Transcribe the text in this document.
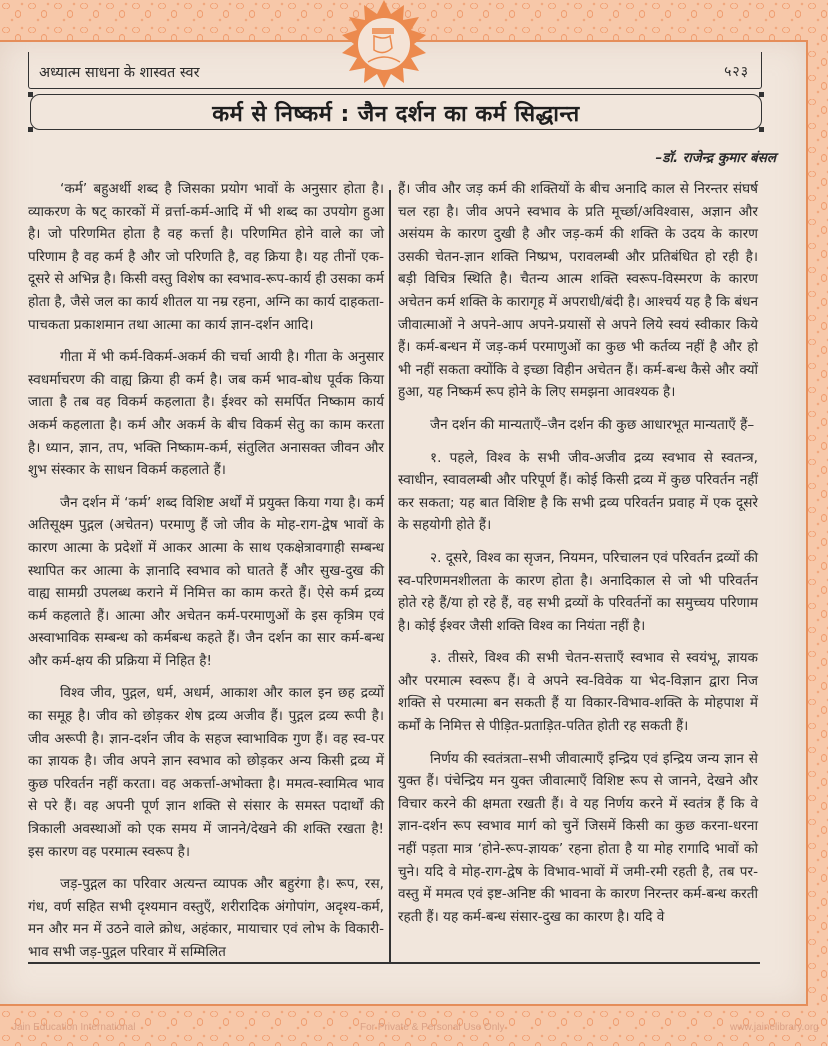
अध्यात्म साधना के शास्वत स्वर	५२३
कर्म से निष्कर्म : जैन दर्शन का कर्म सिद्धान्त
–डॉ. राजेन्द्र कुमार बंसल

‘कर्म’ बहुअर्थी शब्द है जिसका प्रयोग भावों के अनुसार होता है। व्याकरण के षट् कारकों में व्रर्त्ता-कर्म-आदि में भी शब्द का उपयोग हुआ है। जो परिणमित होता है वह कर्त्ता है। परिणमित होने वाले का जो परिणाम है वह कर्म है और जो परिणति है, वह क्रिया है। यह तीनों एक-दूसरे से अभिन्न है। किसी वस्तु विशेष का स्वभाव-रूप-कार्य ही उसका कर्म होता है, जैसे जल का कार्य शीतल या नम्र रहना, अग्नि का कार्य दाहकता-पाचकता प्रकाशमान तथा आत्मा का कार्य ज्ञान-दर्शन आदि।

गीता में भी कर्म-विकर्म-अकर्म की चर्चा आयी है। गीता के अनुसार स्वधर्माचरण की वाह्य क्रिया ही कर्म है। जब कर्म भाव-बोध पूर्वक किया जाता है तब वह विकर्म कहलाता है। ईश्वर को समर्पित निष्काम कार्य अकर्म कहलाता है। कर्म और अकर्म के बीच विकर्म सेतु का काम करता है। ध्यान, ज्ञान, तप, भक्ति निष्काम-कर्म, संतुलित अनासक्त जीवन और शुभ संस्कार के साधन विकर्म कहलाते हैं।

जैन दर्शन में ‘कर्म’ शब्द विशिष्ट अर्थों में प्रयुक्त किया गया है। कर्म अतिसूक्ष्म पुद्गल (अचेतन) परमाणु हैं जो जीव के मोह-राग-द्वेष भावों के कारण आत्मा के प्रदेशों में आकर आत्मा के साथ एकक्षेत्रावगाही सम्बन्ध स्थापित कर आत्मा के ज्ञानादि स्वभाव को घातते हैं और सुख-दुख की वाह्य सामग्री उपलब्ध कराने में निमित्त का काम करते हैं। ऐसे कर्म द्रव्य कर्म कहलाते हैं। आत्मा और अचेतन कर्म-परमाणुओं के इस कृत्रिम एवं अस्वाभाविक सम्बन्ध को कर्मबन्ध कहते हैं। जैन दर्शन का सार कर्म-बन्ध और कर्म-क्षय की प्रक्रिया में निहित है!

विश्व जीव, पुद्गल, धर्म, अधर्म, आकाश और काल इन छह द्रव्यों का समूह है। जीव को छोड़कर शेष द्रव्य अजीव हैं। पुद्गल द्रव्य रूपी है। जीव अरूपी है। ज्ञान-दर्शन जीव के सहज स्वाभाविक गुण हैं। वह स्व-पर का ज्ञायक है। जीव अपने ज्ञान स्वभाव को छोड़कर अन्य किसी द्रव्य में कुछ परिवर्तन नहीं करता। वह अकर्त्ता-अभोक्ता है। ममत्व-स्वामित्व भाव से परे हैं। वह अपनी पूर्ण ज्ञान शक्ति से संसार के समस्त पदार्थों की त्रिकाली अवस्थाओं को एक समय में जानने/देखने की शक्ति रखता है! इस कारण वह परमात्म स्वरूप है।

जड़-पुद्गल का परिवार अत्यन्त व्यापक और बहुरंगा है। रूप, रस, गंध, वर्ण सहित सभी दृश्यमान वस्तुएँ, शरीरादिक अंगोपांग, अदृश्य-कर्म, मन और मन में उठने वाले क्रोध, अहंकार, मायाचार एवं लोभ के विकारी-भाव सभी जड़-पुद्गल परिवार में सम्मिलित

हैं। जीव और जड़ कर्म की शक्तियों के बीच अनादि काल से निरन्तर संघर्ष चल रहा है। जीव अपने स्वभाव के प्रति मूर्च्छा/अविश्वास, अज्ञान और असंयम के कारण दुखी है और जड़-कर्म की शक्ति के उदय के कारण उसकी चेतन-ज्ञान शक्ति निष्प्रभ, परावलम्बी और प्रतिबंधित हो रही है। बड़ी विचित्र स्थिति है। चैतन्य आत्म शक्ति स्वरूप-विस्मरण के कारण अचेतन कर्म शक्ति के कारागृह में अपराधी/बंदी है। आश्चर्य यह है कि बंधन जीवात्माओं ने अपने-आप अपने-प्रयासों से अपने लिये स्वयं स्वीकार किये हैं। कर्म-बन्धन में जड़-कर्म परमाणुओं का कुछ भी कर्तव्य नहीं है और हो भी नहीं सकता क्योंकि वे इच्छा विहीन अचेतन हैं। कर्म-बन्ध कैसे और क्यों हुआ, यह निष्कर्म रूप होने के लिए समझना आवश्यक है।

जैन दर्शन की मान्यताएँ–जैन दर्शन की कुछ आधारभूत मान्यताएँ हैं–

१. पहले, विश्व के सभी जीव-अजीव द्रव्य स्वभाव से स्वतन्त्र, स्वाधीन, स्वावलम्बी और परिपूर्ण हैं। कोई किसी द्रव्य में कुछ परिवर्तन नहीं कर सकता; यह बात विशिष्ट है कि सभी द्रव्य परिवर्तन प्रवाह में एक दूसरे के सहयोगी होते हैं।

२. दूसरे, विश्व का सृजन, नियमन, परिचालन एवं परिवर्तन द्रव्यों की स्व-परिणमनशीलता के कारण होता है। अनादिकाल से जो भी परिवर्तन होते रहे हैं/या हो रहे हैं, वह सभी द्रव्यों के परिवर्तनों का समुच्चय परिणाम है। कोई ईश्वर जैसी शक्ति विश्व का नियंता नहीं है।

३. तीसरे, विश्व की सभी चेतन-सत्ताएँ स्वभाव से स्वयंभू, ज्ञायक और परमात्म स्वरूप हैं। वे अपने स्व-विवेक या भेद-विज्ञान द्वारा निज शक्ति से परमात्मा बन सकती हैं या विकार-विभाव-शक्ति के मोहपाश में कर्मों के निमित्त से पीड़ित-प्रताड़ित-पतित होती रह सकती हैं।

निर्णय की स्वतंत्रता–सभी जीवात्माएँ इन्द्रिय एवं इन्द्रिय जन्य ज्ञान से युक्त हैं। पंचेन्द्रिय मन युक्त जीवात्माएँ विशिष्ट रूप से जानने, देखने और विचार करने की क्षमता रखती हैं। वे यह निर्णय करने में स्वतंत्र हैं कि वे ज्ञान-दर्शन रूप स्वभाव मार्ग को चुनें जिसमें किसी का कुछ करना-धरना नहीं पड़ता मात्र ‘होने-रूप-ज्ञायक’ रहना होता है या मोह रागादि भावों को चुने। यदि वे मोह-राग-द्वेष के विभाव-भावों में जमी-रमी रहती है, तब पर-वस्तु में ममत्व एवं इष्ट-अनिष्ट की भावना के कारण निरन्तर कर्म-बन्ध करती रहती हैं। यह कर्म-बन्ध संसार-दुख का कारण है। यदि वे

Jain Education International	For Private & Personal Use Only	www.jainelibrary.org
